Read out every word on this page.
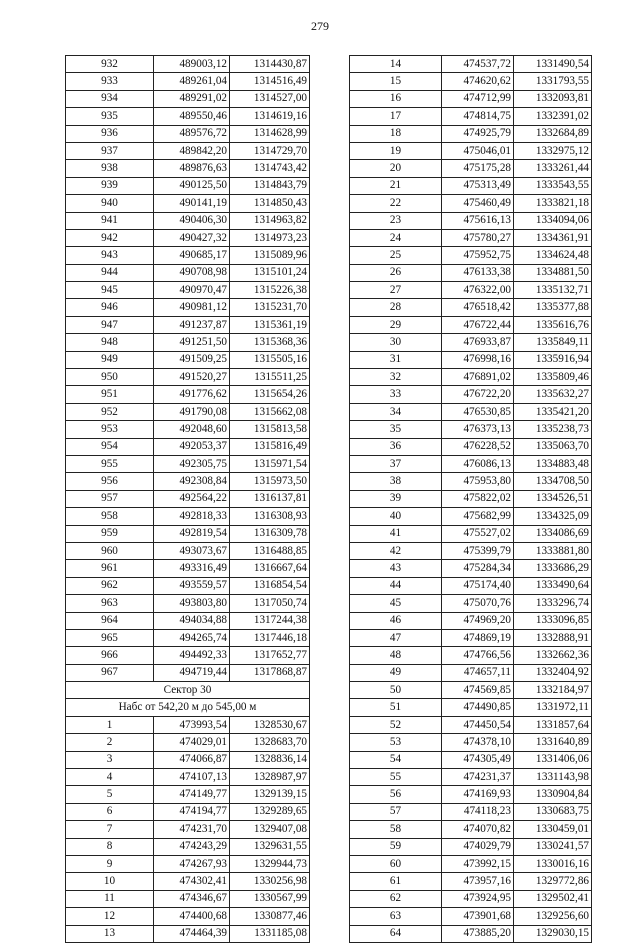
279
932	489003,12	1314430,87
933	489261,04	1314516,49
934	489291,02	1314527,00
935	489550,46	1314619,16
936	489576,72	1314628,99
937	489842,20	1314729,70
938	489876,63	1314743,42
939	490125,50	1314843,79
940	490141,19	1314850,43
941	490406,30	1314963,82
942	490427,32	1314973,23
943	490685,17	1315089,96
944	490708,98	1315101,24
945	490970,47	1315226,38
946	490981,12	1315231,70
947	491237,87	1315361,19
948	491251,50	1315368,36
949	491509,25	1315505,16
950	491520,27	1315511,25
951	491776,62	1315654,26
952	491790,08	1315662,08
953	492048,60	1315813,58
954	492053,37	1315816,49
955	492305,75	1315971,54
956	492308,84	1315973,50
957	492564,22	1316137,81
958	492818,33	1316308,93
959	492819,54	1316309,78
960	493073,67	1316488,85
961	493316,49	1316667,64
962	493559,57	1316854,54
963	493803,80	1317050,74
964	494034,88	1317244,38
965	494265,74	1317446,18
966	494492,33	1317652,77
967	494719,44	1317868,87
Сектор 30		
Набс от 542,20 м до 545,00 м		
1	473993,54	1328530,67
2	474029,01	1328683,70
3	474066,87	1328836,14
4	474107,13	1328987,97
5	474149,77	1329139,15
6	474194,77	1329289,65
7	474231,70	1329407,08
8	474243,29	1329631,55
9	474267,93	1329944,73
10	474302,41	1330256,98
11	474346,67	1330567,99
12	474400,68	1330877,46
13	474464,39	1331185,08
14	474537,72	1331490,54
15	474620,62	1331793,55
16	474712,99	1332093,81
17	474814,75	1332391,02
18	474925,79	1332684,89
19	475046,01	1332975,12
20	475175,28	1333261,44
21	475313,49	1333543,55
22	475460,49	1333821,18
23	475616,13	1334094,06
24	475780,27	1334361,91
25	475952,75	1334624,48
26	476133,38	1334881,50
27	476322,00	1335132,71
28	476518,42	1335377,88
29	476722,44	1335616,76
30	476933,87	1335849,11
31	476998,16	1335916,94
32	476891,02	1335809,46
33	476722,20	1335632,27
34	476530,85	1335421,20
35	476373,13	1335238,73
36	476228,52	1335063,70
37	476086,13	1334883,48
38	475953,80	1334708,50
39	475822,02	1334526,51
40	475682,99	1334325,09
41	475527,02	1334086,69
42	475399,79	1333881,80
43	475284,34	1333686,29
44	475174,40	1333490,64
45	475070,76	1333296,74
46	474969,20	1333096,85
47	474869,19	1332888,91
48	474766,56	1332662,36
49	474657,11	1332404,92
50	474569,85	1332184,97
51	474490,85	1331972,11
52	474450,54	1331857,64
53	474378,10	1331640,89
54	474305,49	1331406,06
55	474231,37	1331143,98
56	474169,93	1330904,84
57	474118,23	1330683,75
58	474070,82	1330459,01
59	474029,79	1330241,57
60	473992,15	1330016,16
61	473957,16	1329772,86
62	473924,95	1329502,41
63	473901,68	1329256,60
64	473885,20	1329030,15
